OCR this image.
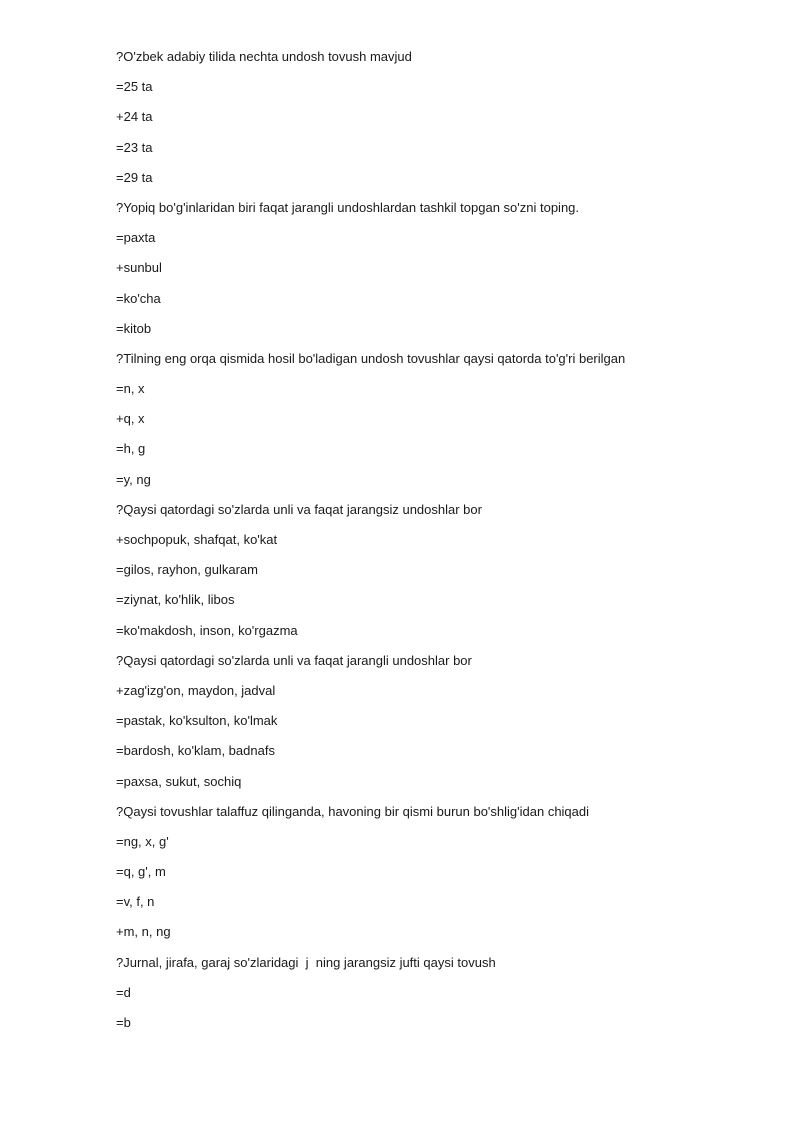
?O'zbek adabiy tilida nechta undosh tovush mavjud
=25 ta
+24 ta
=23 ta
=29 ta
?Yopiq bo'g'inlaridan biri faqat jarangli undoshlardan tashkil topgan so'zni toping.
=paxta
+sunbul
=ko'cha
=kitob
?Tilning eng orqa qismida hosil bo'ladigan undosh tovushlar qaysi qatorda to'g'ri berilgan
=n, x
+q, x
=h, g
=y, ng
?Qaysi qatordagi so'zlarda unli va faqat jarangsiz undoshlar bor
+sochpopuk, shafqat, ko'kat
=gilos, rayhon, gulkaram
=ziynat, ko'hlik, libos
=ko'makdosh, inson, ko'rgazma
?Qaysi qatordagi so'zlarda unli va faqat jarangli undoshlar bor
+zag'izg'on, maydon, jadval
=pastak, ko'ksulton, ko'lmak
=bardosh, ko'klam, badnafs
=paxsa, sukut, sochiq
?Qaysi tovushlar talaffuz qilinganda, havoning bir qismi burun bo'shlig'idan chiqadi
=ng, x, g'
=q, g', m
=v, f, n
+m, n, ng
?Jurnal, jirafa, garaj so'zlaridagi  j  ning jarangsiz jufti qaysi tovush
=d
=b
